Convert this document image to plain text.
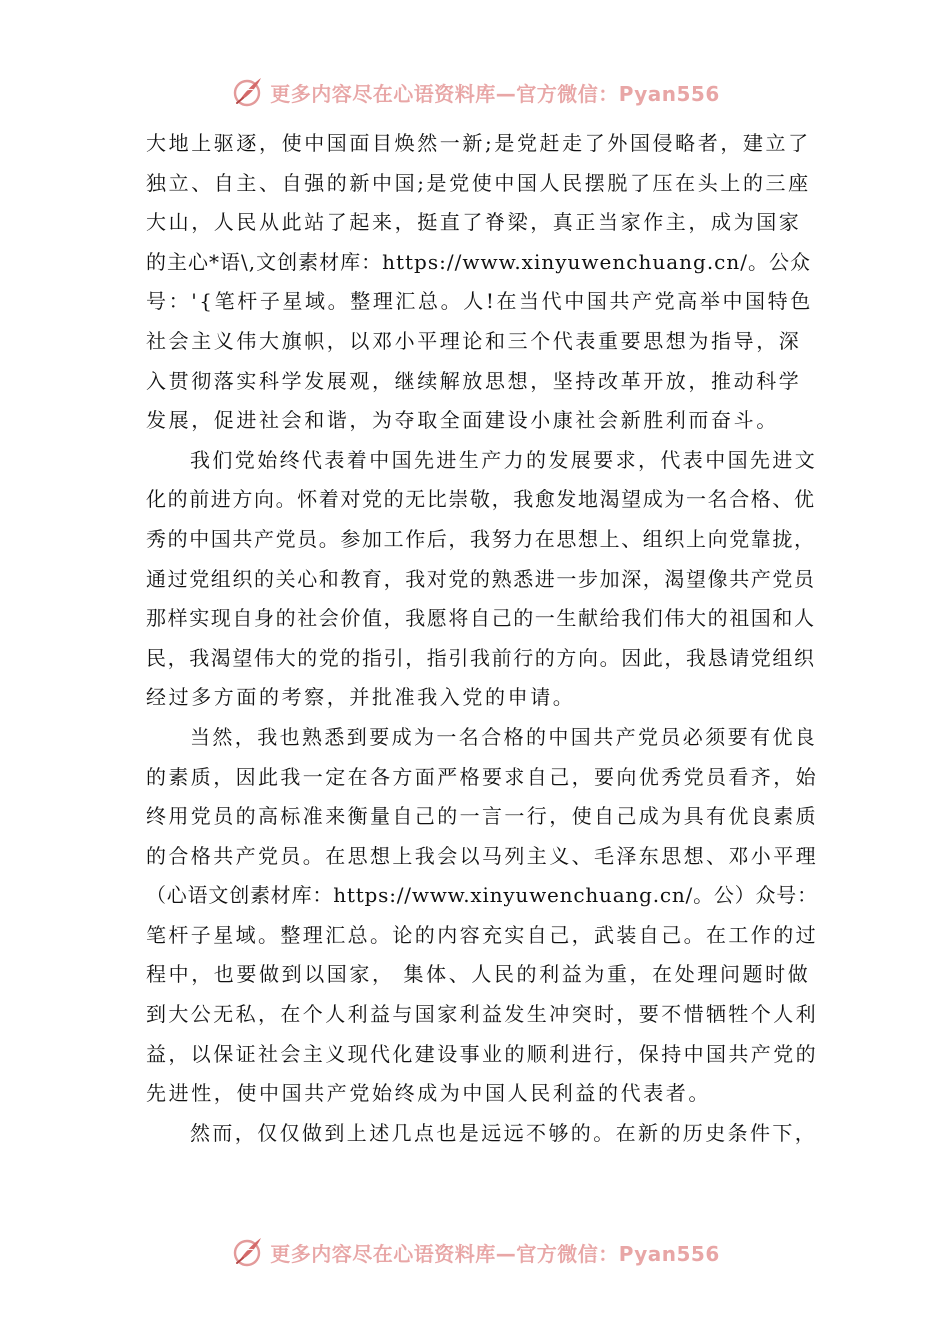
更多内容尽在心语资料库—官方微信：Pyan556
大地上驱逐，使中国面目焕然一新;是党赶走了外国侵略者，建立了
独立、自主、自强的新中国;是党使中国人民摆脱了压在头上的三座
大山，人民从此站了起来，挺直了脊梁，真正当家作主，成为国家
的主心*语\,文创素材库：https://www.xinyuwenchuang.cn/。公众
号：'{笔杆子星域。整理汇总。人!在当代中国共产党高举中国特色
社会主义伟大旗帜，以邓小平理论和三个代表重要思想为指导，深
入贯彻落实科学发展观，继续解放思想，坚持改革开放，推动科学
发展，促进社会和谐，为夺取全面建设小康社会新胜利而奋斗。
我们党始终代表着中国先进生产力的发展要求，代表中国先进文
化的前进方向。怀着对党的无比崇敬，我愈发地渴望成为一名合格、优
秀的中国共产党员。参加工作后，我努力在思想上、组织上向党靠拢，
通过党组织的关心和教育，我对党的熟悉进一步加深，渴望像共产党员
那样实现自身的社会价值，我愿将自己的一生献给我们伟大的祖国和人
民，我渴望伟大的党的指引，指引我前行的方向。因此，我恳请党组织
经过多方面的考察，并批准我入党的申请。
当然，我也熟悉到要成为一名合格的中国共产党员必须要有优良
的素质，因此我一定在各方面严格要求自己，要向优秀党员看齐，始
终用党员的高标准来衡量自己的一言一行，使自己成为具有优良素质
的合格共产党员。在思想上我会以马列主义、毛泽东思想、邓小平理
（心语文创素材库：https://www.xinyuwenchuang.cn/。公）众号：
笔杆子星域。整理汇总。论的内容充实自己，武装自己。在工作的过
程中，也要做到以国家， 集体、人民的利益为重，在处理问题时做
到大公无私，在个人利益与国家利益发生冲突时，要不惜牺牲个人利
益，以保证社会主义现代化建设事业的顺利进行，保持中国共产党的
先进性，使中国共产党始终成为中国人民利益的代表者。
然而，仅仅做到上述几点也是远远不够的。在新的历史条件下，
更多内容尽在心语资料库—官方微信：Pyan556
